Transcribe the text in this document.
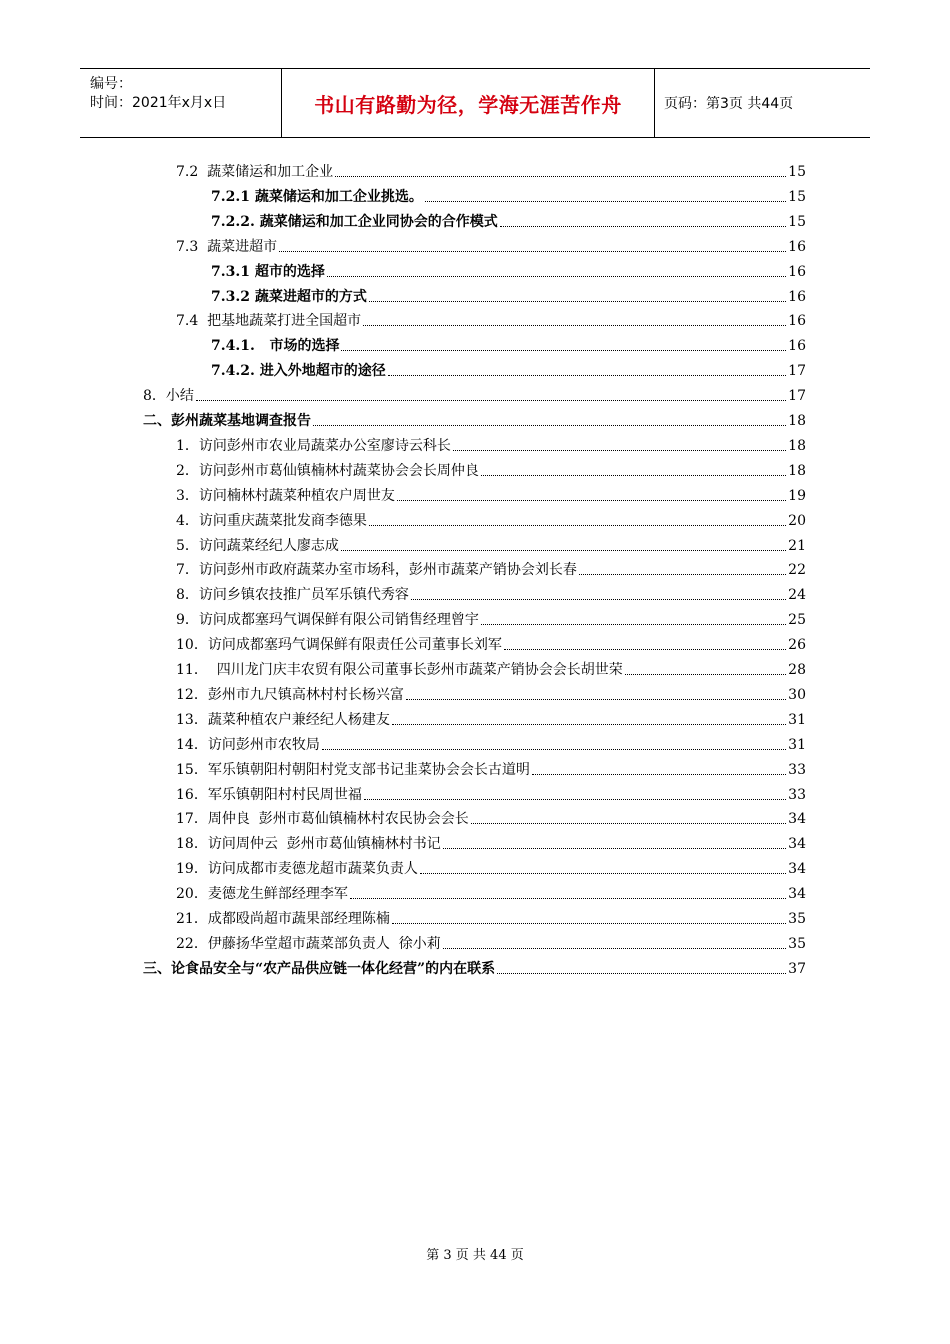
编号：
时间：2021年x月x日	书山有路勤为径，学海无涯苦作舟	页码：第3页 共44页
7.2  蔬菜储运和加工企业	15
7.2.1 蔬菜储运和加工企业挑选。	15
7.2.2. 蔬菜储运和加工企业同协会的合作模式	15
7.3  蔬菜进超市	16
7.3.1 超市的选择	16
7.3.2 蔬菜进超市的方式	16
7.4  把基地蔬菜打进全国超市	16
7.4.1.   市场的选择	16
7.4.2. 进入外地超市的途径	17
8．小结	17
二、彭州蔬菜基地调查报告	18
1．访问彭州市农业局蔬菜办公室廖诗云科长	18
2．访问彭州市葛仙镇楠林村蔬菜协会会长周仲良	18
3．访问楠林村蔬菜种植农户周世友	19
4．访问重庆蔬菜批发商李德果	20
5．访问蔬菜经纪人廖志成	21
7．访问彭州市政府蔬菜办室市场科，彭州市蔬菜产销协会刘长春	22
8．访问乡镇农技推广员军乐镇代秀容	24
9．访问成都塞玛气调保鲜有限公司销售经理曾宇	25
10．访问成都塞玛气调保鲜有限责任公司董事长刘军	26
11．  四川龙门庆丰农贸有限公司董事长彭州市蔬菜产销协会会长胡世荣	28
12．彭州市九尺镇高林村村长杨兴富	30
13．蔬菜种植农户兼经纪人杨建友	31
14．访问彭州市农牧局	31
15．军乐镇朝阳村朝阳村党支部书记韭菜协会会长古道明	33
16．军乐镇朝阳村村民周世福	33
17．周仲良  彭州市葛仙镇楠林村农民协会会长	34
18．访问周仲云  彭州市葛仙镇楠林村书记	34
19．访问成都市麦德龙超市蔬菜负责人	34
20．麦德龙生鲜部经理李军	34
21．成都殴尚超市蔬果部经理陈楠	35
22．伊藤扬华堂超市蔬菜部负责人  徐小莉	35
三、论食品安全与“农产品供应链一体化经营”的内在联系	37
第 3 页 共 44 页
